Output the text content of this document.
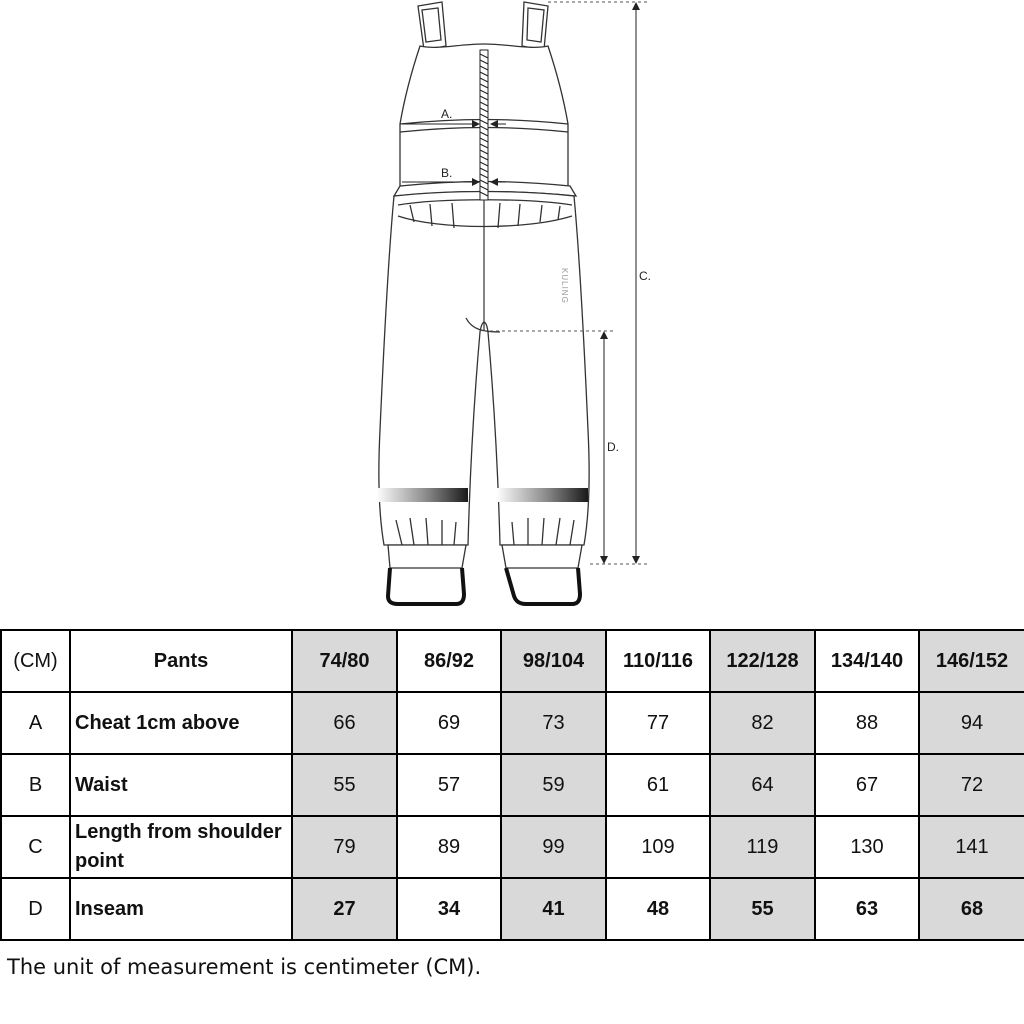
A.
B.
C.
D.
KULING
KULING	KULING
(CM)	Pants	74/80	86/92	98/104	110/116	122/128	134/140	146/152
A	Cheat 1cm above	66	69	73	77	82	88	94
B	Waist	55	57	59	61	64	67	72
C	Length from shoulder point	79	89	99	109	119	130	141
D	Inseam	27	34	41	48	55	63	68
The unit of measurement is centimeter (CM).
